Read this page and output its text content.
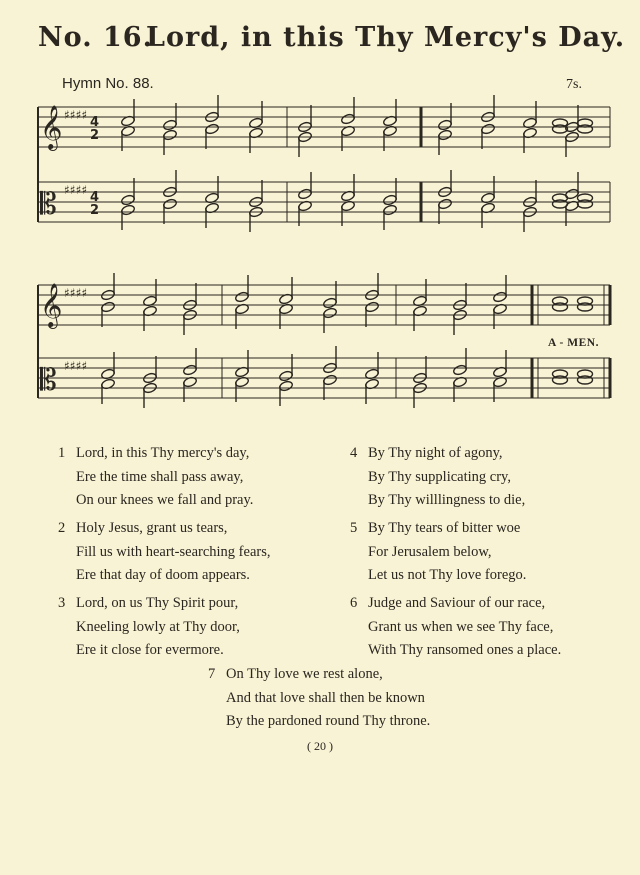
No. 16.Lord, in this Thy Mercy's Day.
Hymn No. 88.	7s.
𝄞
𝄡
𝄞
𝄡
♯♯♯♯
♯♯♯♯
♯♯♯♯
♯♯♯♯
4
2
4
2
A - MEN.
1 Lord, in this Thy mercy's day,
Ere the time shall pass away,
On our knees we fall and pray.
2 Holy Jesus, grant us tears,
Fill us with heart-searching fears,
Ere that day of doom appears.
3 Lord, on us Thy Spirit pour,
Kneeling lowly at Thy door,
Ere it close for evermore.
4 By Thy night of agony,
By Thy supplicating cry,
By Thy willlingness to die,
5 By Thy tears of bitter woe
For Jerusalem below,
Let us not Thy love forego.
6 Judge and Saviour of our race,
Grant us when we see Thy face,
With Thy ransomed ones a place.
7 On Thy love we rest alone,
And that love shall then be known
By the pardoned round Thy throne.
( 20 )
